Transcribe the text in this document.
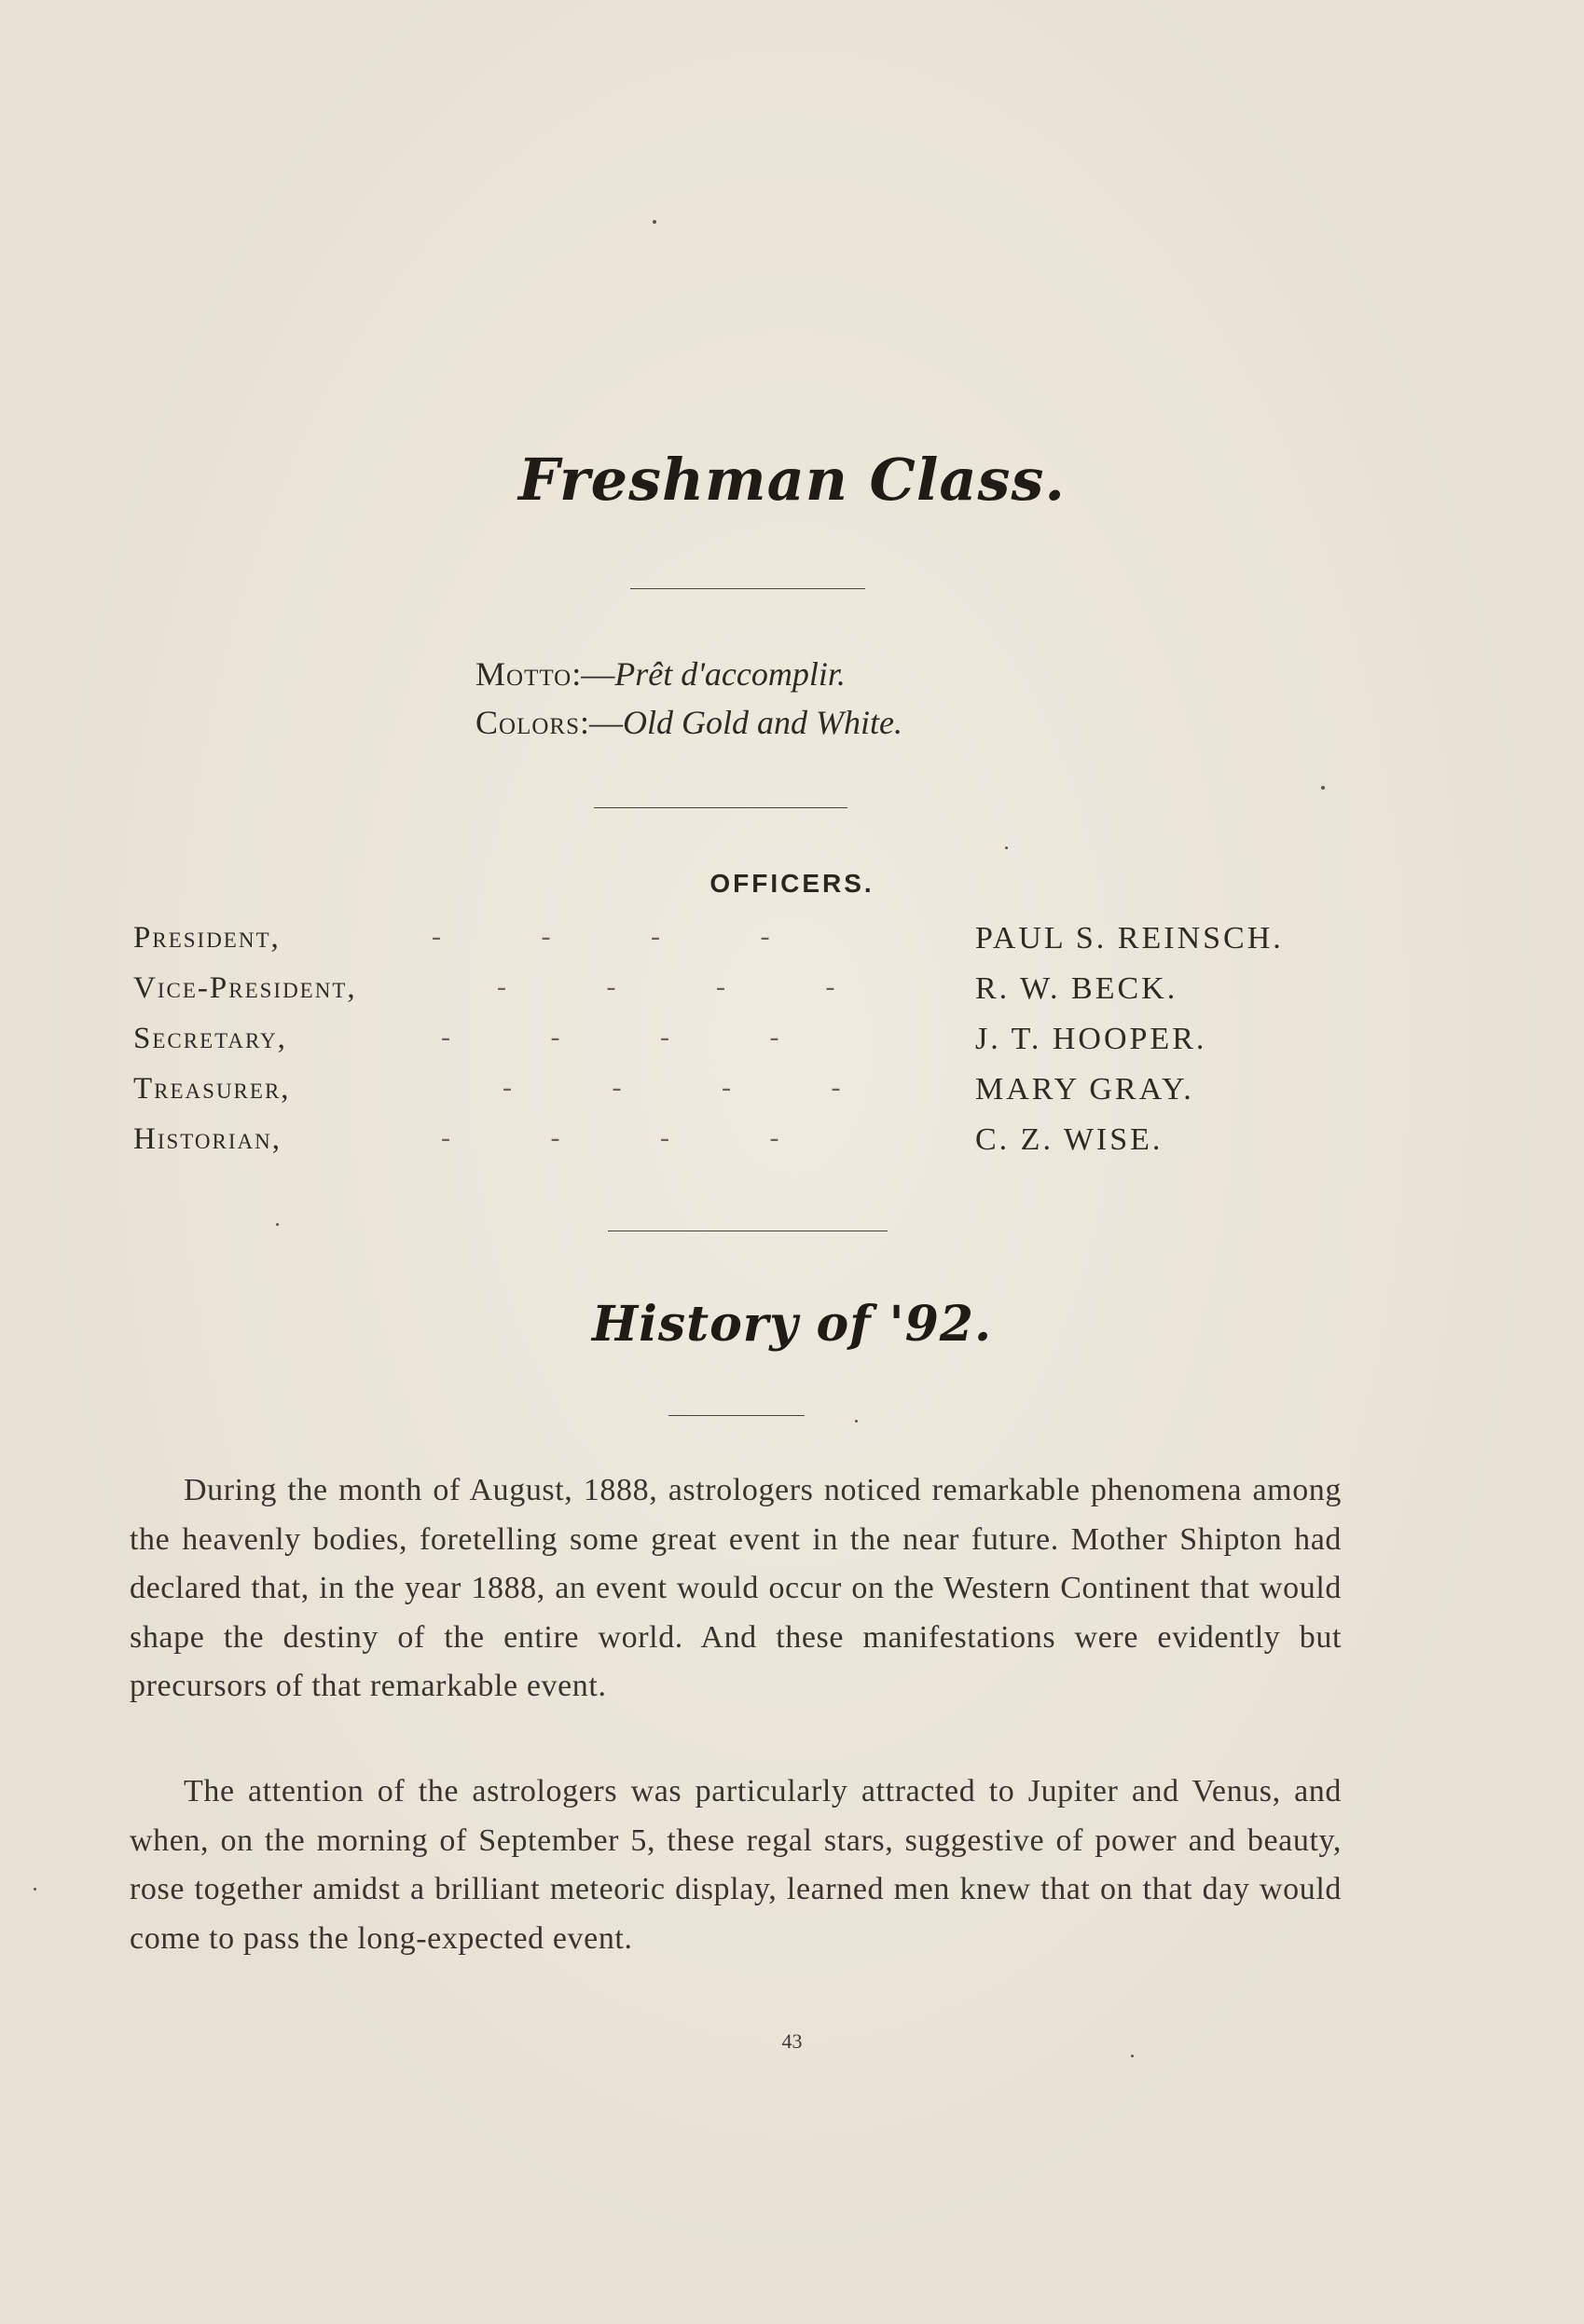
Freshman Class.
Motto:—Prêt d'accomplir.
Colors:—Old Gold and White.
OFFICERS.
President,	- - - -	PAUL S. REINSCH.
Vice-President,	- - - -	R. W. BECK.
Secretary,	- - - -	J. T. HOOPER.
Treasurer,	- - - -	MARY GRAY.
Historian,	- - - -	C. Z. WISE.
History of '92.
During the month of August, 1888, astrologers noticed remarkable phenomena among the heavenly bodies, foretelling some great event in the near future. Mother Shipton had declared that, in the year 1888, an event would occur on the Western Continent that would shape the destiny of the entire world. And these manifestations were evidently but precursors of that remarkable event.
The attention of the astrologers was particularly attracted to Jupiter and Venus, and when, on the morning of September 5, these regal stars, suggestive of power and beauty, rose together amidst a brilliant meteoric display, learned men knew that on that day would come to pass the long-expected event.
43
